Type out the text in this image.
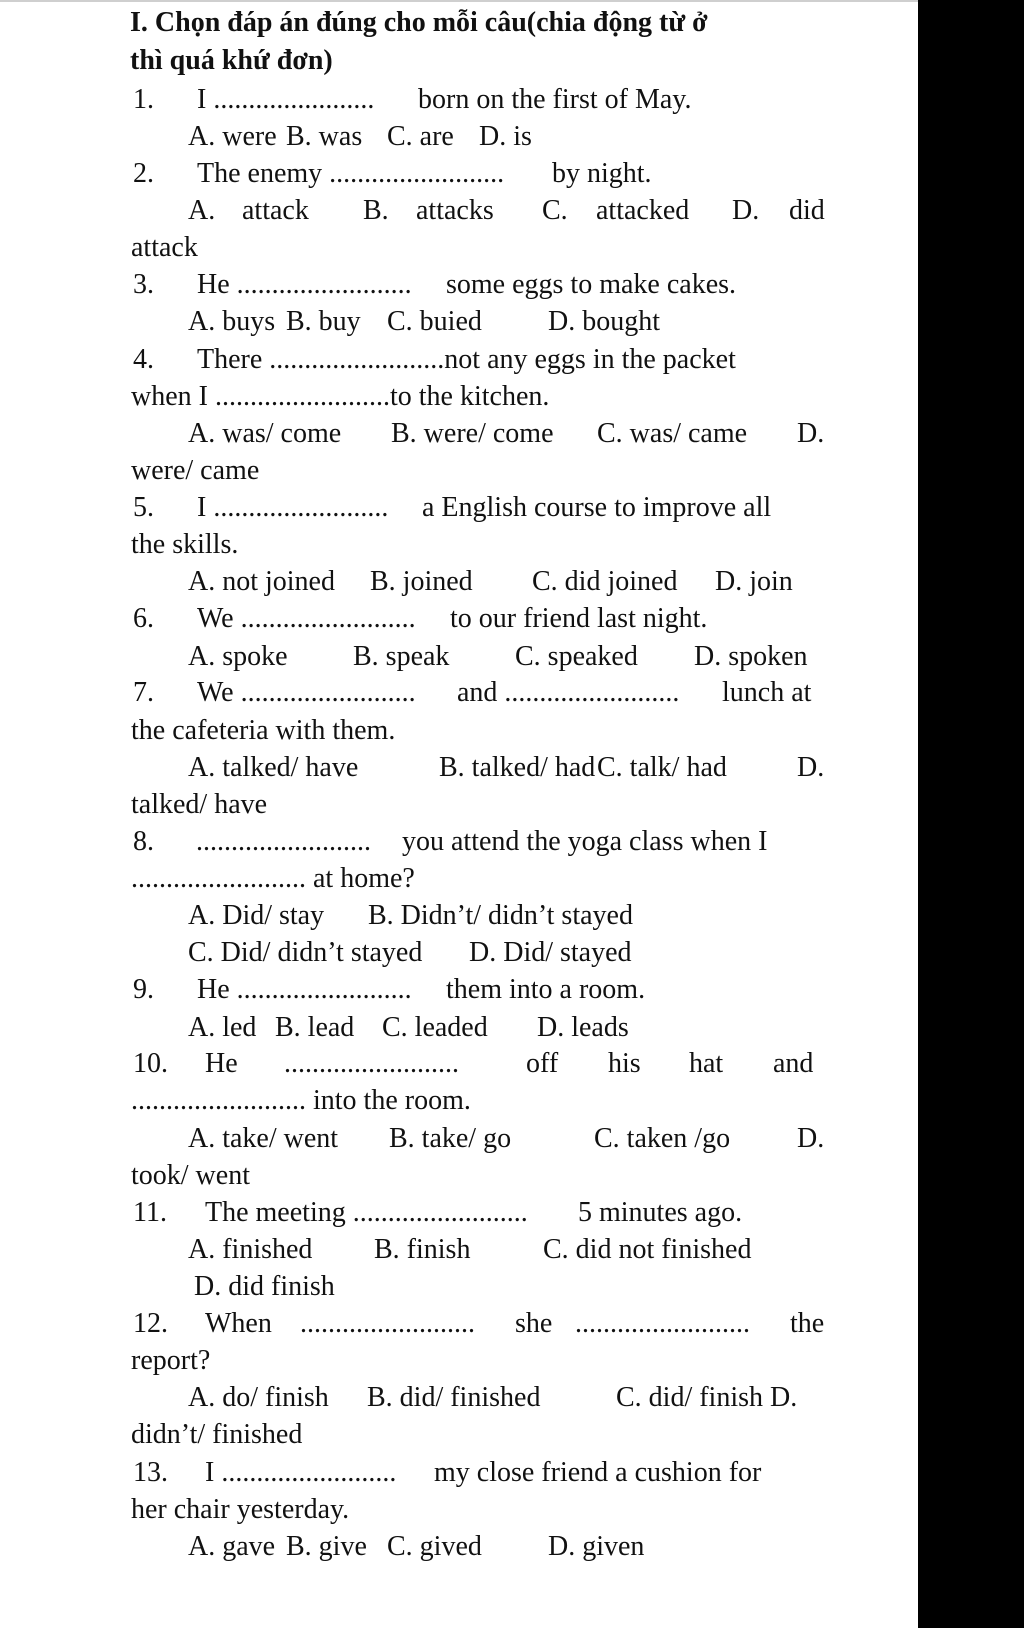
I. Chọn đáp án đúng cho mỗi câu(chia động từ ở
thì quá khứ đơn)
1. I ....................... born on the first of May.
A. were B. was C. are D. is
2. The enemy ......................... by night.
A. attack B. attacks C. attacked D. did
attack
3. He ......................... some eggs to make cakes.
A. buys B. buy C. buied D. bought
4. There .........................not any eggs in the packet
when I .........................to the kitchen.
A. was/ come B. were/ come C. was/ came D.
were/ came
5. I ......................... a English course to improve all
the skills.
A. not joined B. joined C. did joined D. join
6. We ......................... to our friend last night.
A. spoke B. speak C. speaked D. spoken
7. We ......................... and ......................... lunch at
the cafeteria with them.
A. talked/ have	B. talked/ had C. talk/ had	D.
talked/ have
8. ......................... you attend the yoga class when I
......................... at home?
A. Did/ stay B. Didn’t/ didn’t stayed
C. Did/ didn’t stayed D. Did/ stayed
9. He ......................... them into a room.
A. led B. lead C. leaded D. leads
10. He ......................... off his hat and
......................... into the room.
A. take/ went B. take/ go	C. taken /go D.
took/ went
11. The meeting ......................... 5 minutes ago.
A. finished B. finish	C. did not finished
D. did finish
12. When ......................... she ......................... the
report?
A. do/ finish B. did/ finished	C. did/ finish D.
didn’t/ finished
13. I ......................... my close friend a cushion for
her chair yesterday.
A. gave B. give C. gived D. given
